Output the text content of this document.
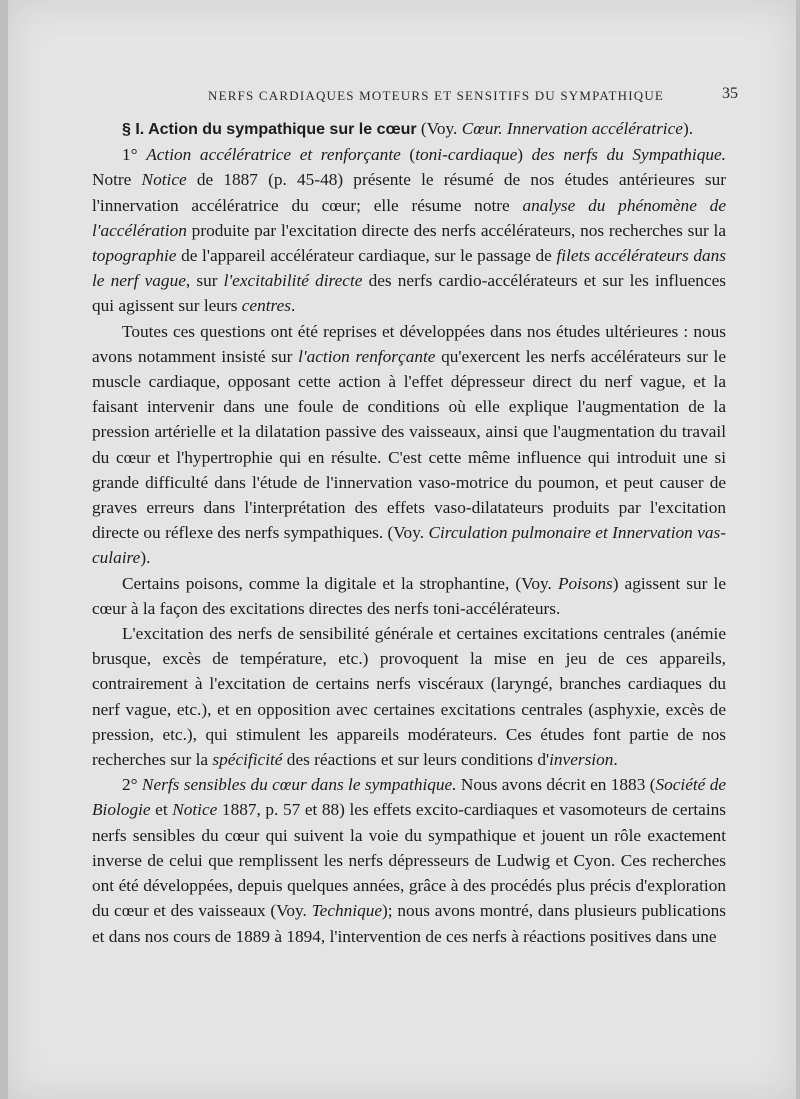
NERFS CARDIAQUES MOTEURS ET SENSITIFS DU SYMPATHIQUE	35

§ I. Action du sympathique sur le cœur (Voy. Cœur. Innervation accélératrice).

1° Action accélératrice et renforçante (toni-cardiaque) des nerfs du Sympathique. Notre Notice de 1887 (p. 45-48) présente le résumé de nos études antérieures sur l'innervation accélératrice du cœur; elle résume notre analyse du phénomène de l'accélération produite par l'excitation directe des nerfs accélérateurs, nos recherches sur la topographie de l'appareil accélérateur cardiaque, sur le passage de filets accélérateurs dans le nerf vague, sur l'excitabilité directe des nerfs cardio-accélérateurs et sur les influences qui agissent sur leurs centres.

Toutes ces questions ont été reprises et développées dans nos études ultérieures : nous avons notamment insisté sur l'action renforçante qu'exercent les nerfs accélérateurs sur le muscle cardiaque, opposant cette action à l'effet dépresseur direct du nerf vague, et la faisant intervenir dans une foule de conditions où elle explique l'augmentation de la pression artérielle et la dilatation passive des vaisseaux, ainsi que l'augmentation du travail du cœur et l'hypertrophie qui en résulte. C'est cette même influence qui introduit une si grande difficulté dans l'étude de l'innervation vaso-motrice du poumon, et peut causer de graves erreurs dans l'interprétation des effets vaso-dilatateurs produits par l'excitation directe ou réflexe des nerfs sympathiques. (Voy. Circulation pulmonaire et Innervation vasculaire).

Certains poisons, comme la digitale et la strophantine, (Voy. Poisons) agissent sur le cœur à la façon des excitations directes des nerfs toni-accélérateurs.

L'excitation des nerfs de sensibilité générale et certaines excitations centrales (anémie brusque, excès de température, etc.) provoquent la mise en jeu de ces appareils, contrairement à l'excitation de certains nerfs viscéraux (laryngé, branches cardiaques du nerf vague, etc.), et en opposition avec certaines excitations centrales (asphyxie, excès de pression, etc.), qui stimulent les appareils modérateurs. Ces études font partie de nos recherches sur la spécificité des réactions et sur leurs conditions d'inversion.

2° Nerfs sensibles du cœur dans le sympathique. Nous avons décrit en 1883 (Société de Biologie et Notice 1887, p. 57 et 88) les effets excito-cardiaques et vasomoteurs de certains nerfs sensibles du cœur qui suivent la voie du sympathique et jouent un rôle exactement inverse de celui que remplissent les nerfs dépresseurs de Ludwig et Cyon. Ces recherches ont été développées, depuis quelques années, grâce à des procédés plus précis d'exploration du cœur et des vaisseaux (Voy. Technique); nous avons montré, dans plusieurs publications et dans nos cours de 1889 à 1894, l'intervention de ces nerfs à réactions positives dans une
